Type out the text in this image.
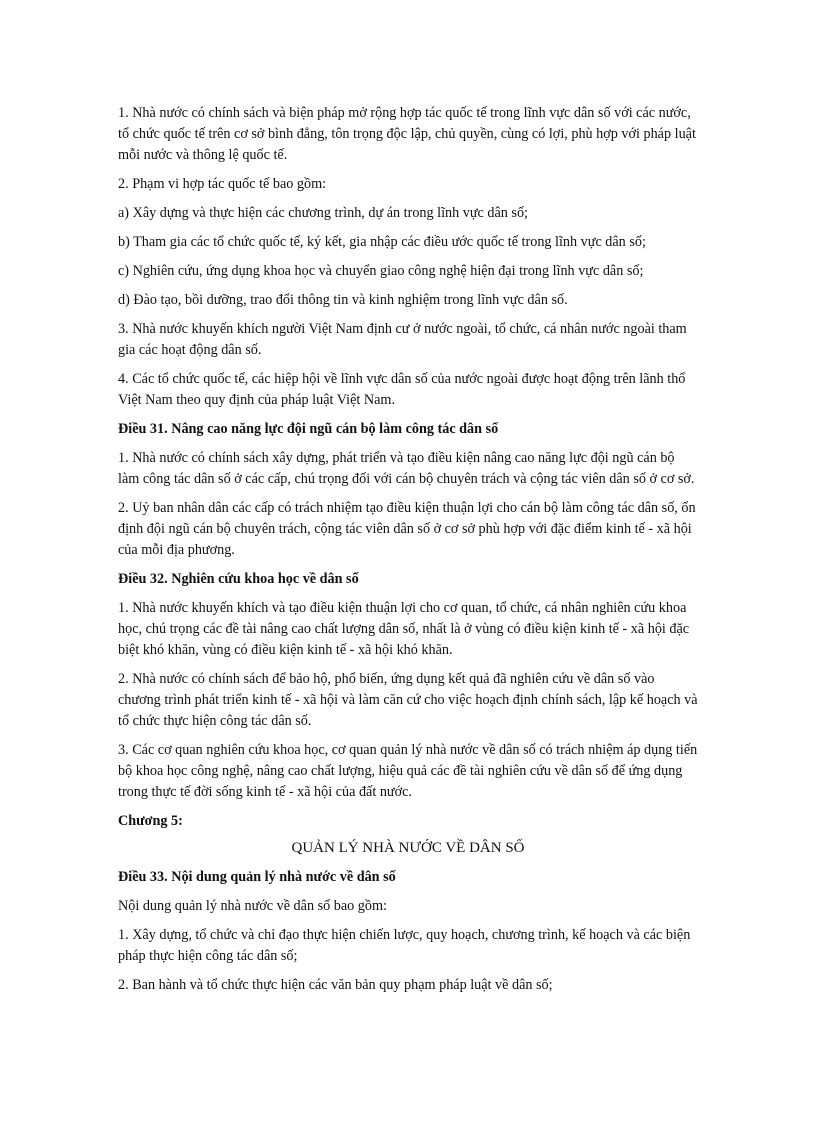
1. Nhà nước có chính sách và biện pháp mở rộng hợp tác quốc tế trong lĩnh vực dân số với các nước, tổ chức quốc tế trên cơ sở bình đẳng, tôn trọng độc lập, chủ quyền, cùng có lợi, phù hợp với pháp luật mỗi nước và thông lệ quốc tế.

2. Phạm vi hợp tác quốc tế bao gồm:

a) Xây dựng và thực hiện các chương trình, dự án trong lĩnh vực dân số;

b) Tham gia các tổ chức quốc tế, ký kết, gia nhập các điều ước quốc tế trong lĩnh vực dân số;

c) Nghiên cứu, ứng dụng khoa học và chuyển giao công nghệ hiện đại trong lĩnh vực dân số;

d) Đào tạo, bồi dưỡng, trao đổi thông tin và kinh nghiệm trong lĩnh vực dân số.

3. Nhà nước khuyến khích người Việt Nam định cư ở nước ngoài, tổ chức, cá nhân nước ngoài tham gia các hoạt động dân số.

4. Các tổ chức quốc tế, các hiệp hội về lĩnh vực dân số của nước ngoài được hoạt động trên lãnh thổ Việt Nam theo quy định của pháp luật Việt Nam.

Điều 31. Nâng cao năng lực đội ngũ cán bộ làm công tác dân số

1. Nhà nước có chính sách xây dựng, phát triển và tạo điều kiện nâng cao năng lực đội ngũ cán bộ làm công tác dân số ở các cấp, chú trọng đối với cán bộ chuyên trách và cộng tác viên dân số ở cơ sở.

2. Uỷ ban nhân dân các cấp có trách nhiệm tạo điều kiện thuận lợi cho cán bộ làm công tác dân số, ổn định đội ngũ cán bộ chuyên trách, cộng tác viên dân số ở cơ sở phù hợp với đặc điểm kinh tế - xã hội của mỗi địa phương.

Điều 32. Nghiên cứu khoa học về dân số

1. Nhà nước khuyến khích và tạo điều kiện thuận lợi cho cơ quan, tổ chức, cá nhân nghiên cứu khoa học, chú trọng các đề tài nâng cao chất lượng dân số, nhất là ở vùng có điều kiện kinh tế - xã hội đặc biệt khó khăn, vùng có điều kiện kinh tế - xã hội khó khăn.

2. Nhà nước có chính sách để bảo hộ, phổ biến, ứng dụng kết quả đã nghiên cứu về dân số vào chương trình phát triển kinh tế - xã hội và làm căn cứ cho việc hoạch định chính sách, lập kế hoạch và tổ chức thực hiện công tác dân số.

3. Các cơ quan nghiên cứu khoa học, cơ quan quản lý nhà nước về dân số có trách nhiệm áp dụng tiến bộ khoa học công nghệ, nâng cao chất lượng, hiệu quả các đề tài nghiên cứu về dân số để ứng dụng trong thực tế đời sống kinh tế - xã hội của đất nước.

Chương 5:

QUẢN LÝ NHÀ NƯỚC VỀ DÂN SỐ

Điều 33. Nội dung quản lý nhà nước về dân số

Nội dung quản lý nhà nước về dân số bao gồm:

1. Xây dựng, tổ chức và chỉ đạo thực hiện chiến lược, quy hoạch, chương trình, kế hoạch và các biện pháp thực hiện công tác dân số;

2. Ban hành và tổ chức thực hiện các văn bản quy phạm pháp luật về dân số;
